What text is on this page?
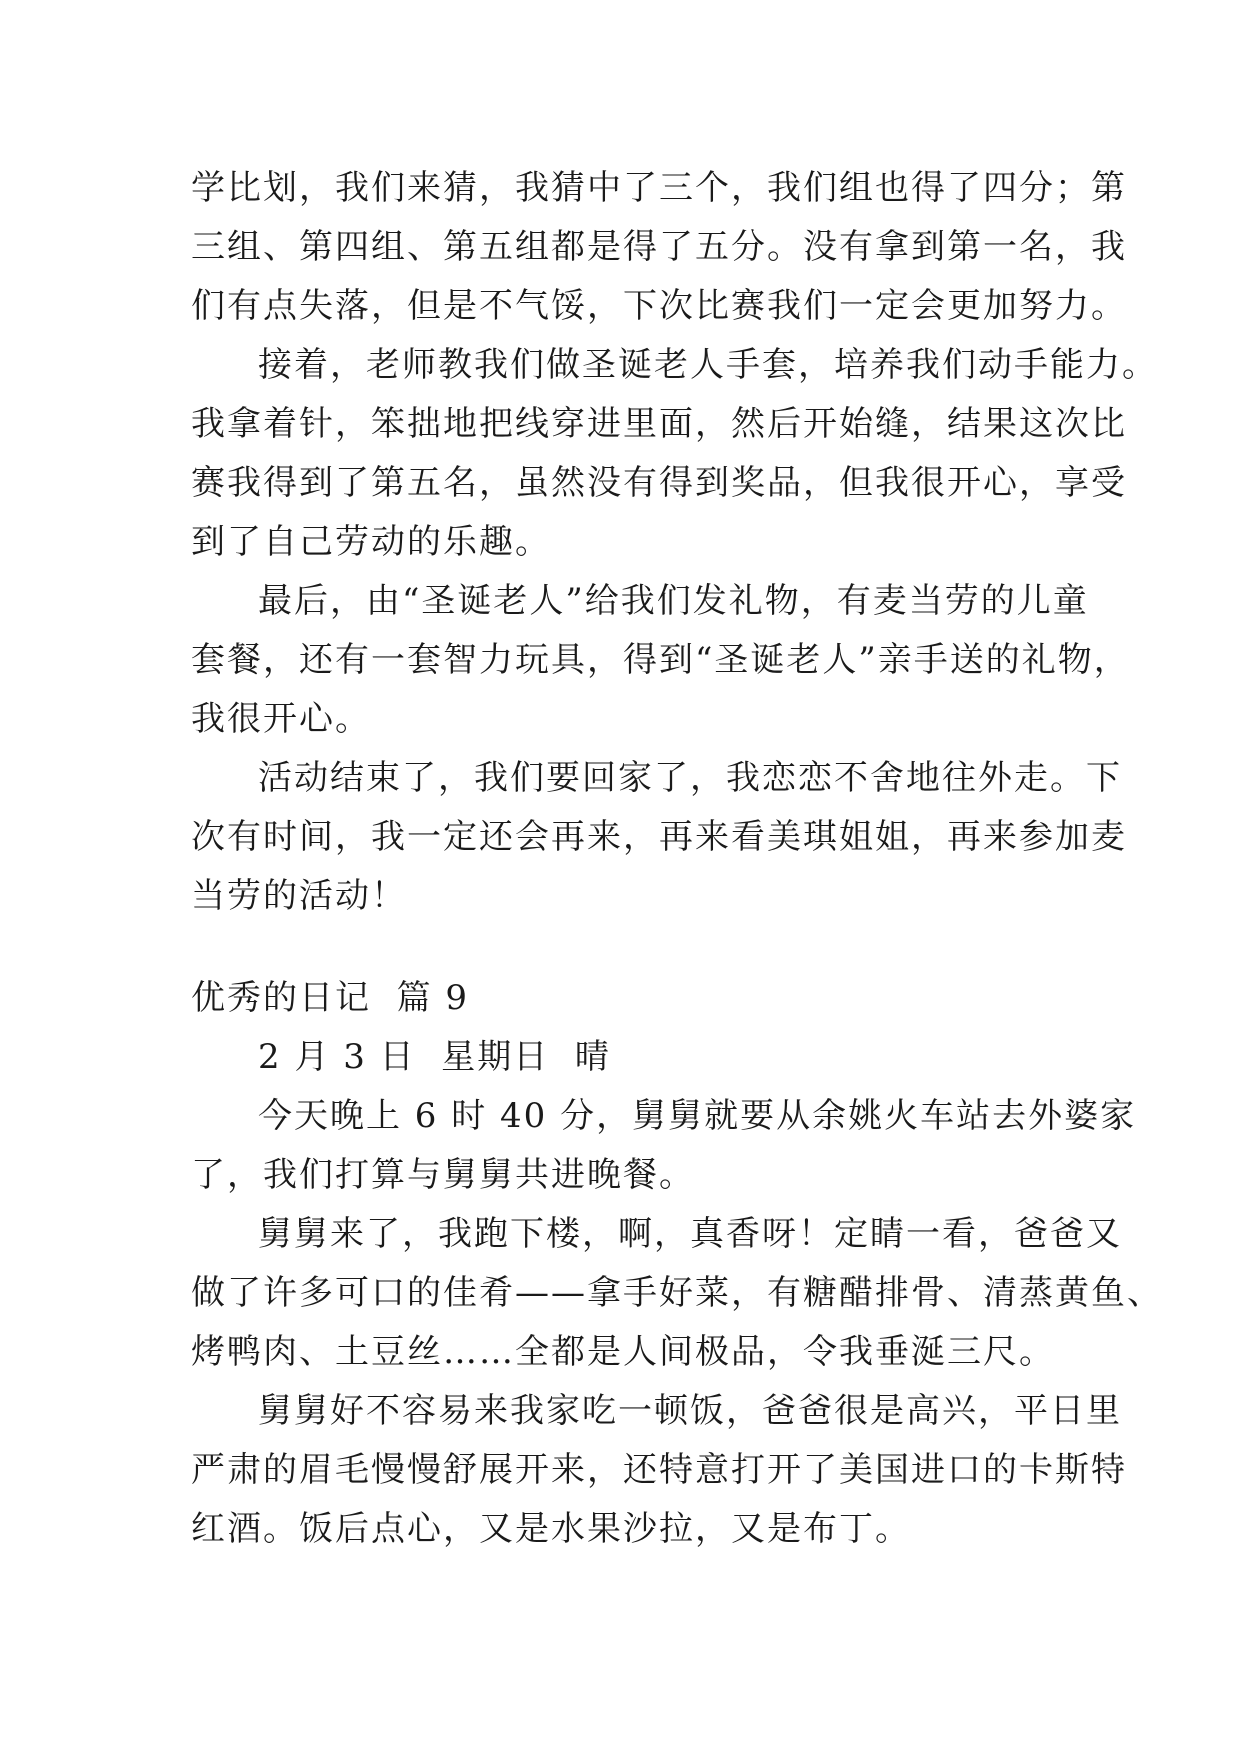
学比划，我们来猜，我猜中了三个，我们组也得了四分；第
三组、第四组、第五组都是得了五分。没有拿到第一名，我
们有点失落，但是不气馁，下次比赛我们一定会更加努力。
接着，老师教我们做圣诞老人手套，培养我们动手能力。
我拿着针，笨拙地把线穿进里面，然后开始缝，结果这次比
赛我得到了第五名，虽然没有得到奖品，但我很开心，享受
到了自己劳动的乐趣。
最后，由“圣诞老人”给我们发礼物，有麦当劳的儿童
套餐，还有一套智力玩具，得到“圣诞老人”亲手送的礼物，
我很开心。
活动结束了，我们要回家了，我恋恋不舍地往外走。下
次有时间，我一定还会再来，再来看美琪姐姐，再来参加麦
当劳的活动！
优秀的日记  篇 9
2 月 3 日  星期日  晴
今天晚上 6 时 40 分，舅舅就要从余姚火车站去外婆家
了，我们打算与舅舅共进晚餐。
舅舅来了，我跑下楼，啊，真香呀！定睛一看，爸爸又
做了许多可口的佳肴——拿手好菜，有糖醋排骨、清蒸黄鱼、
烤鸭肉、土豆丝……全都是人间极品，令我垂涎三尺。
舅舅好不容易来我家吃一顿饭，爸爸很是高兴，平日里
严肃的眉毛慢慢舒展开来，还特意打开了美国进口的卡斯特
红酒。饭后点心，又是水果沙拉，又是布丁。
